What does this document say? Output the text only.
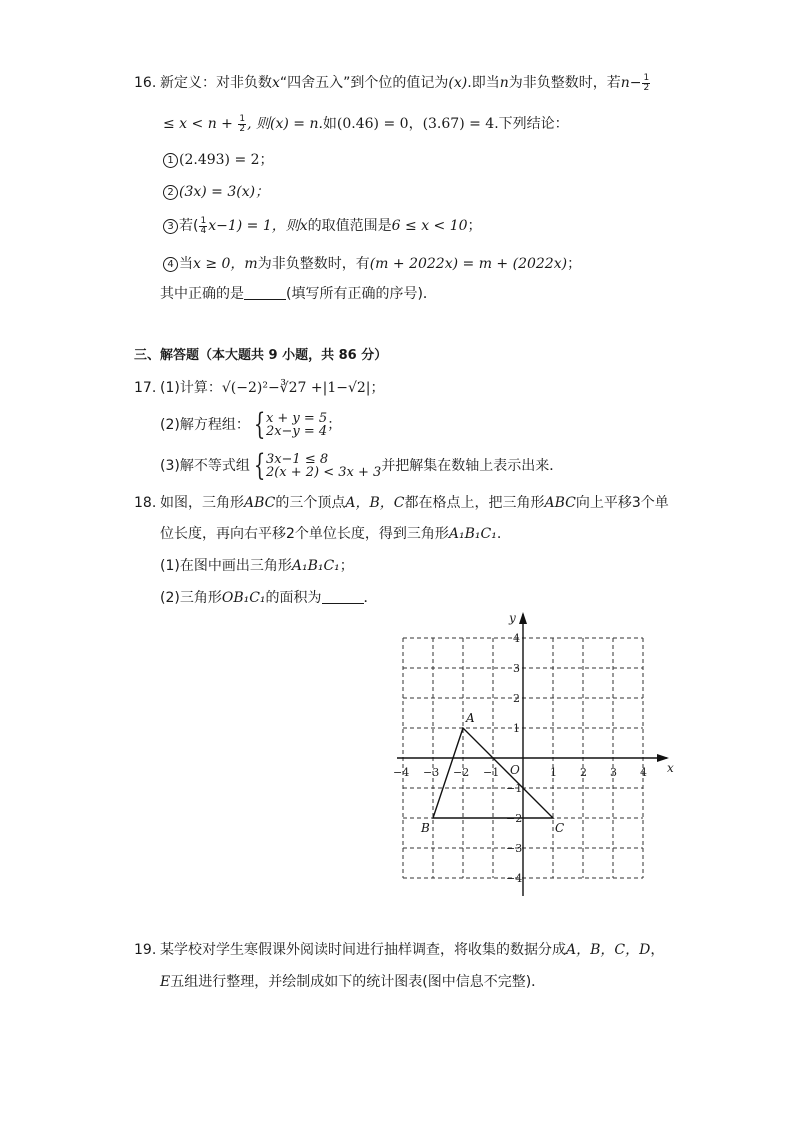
16. 新定义：对非负数x“四舍五入”到个位的值记为(x).即当n为非负整数时，若$n- \frac{1}{2}$
≤ $x < n + \frac{1}{2}$ , 则(x) = n.如(0.46) = 0，(3.67) = 4.下列结论：
1 (2.493) = 2；
2 (3x) = 3(x)；
3 若( $\frac{1}{4} x-1) = 1$，则x的取值范围是6 ≤ x < 10；
4 当x ≥ 0，m为非负整数时，有(m + 2022x) = m + (2022x)；
其中正确的是	(填写所有正确的序号)．
三、解答题（本大题共 9 小题，共 86 分）
17. (1)计算：√(−2)²−∛27 +|1−√2|；
(2)解方程组： { x + y = 5
2x−y = 4 ；
(3)解不等式组 { 3x−1 ≤ 8
2(x + 2) < 3x + 3 并把解集在数轴上表示出来．
18. 如图，三角形ABC的三个顶点A，B，C都在格点上，把三角形ABC向上平移3个单
位长度，再向右平移2个单位长度，得到三角形A₁B₁C₁.
(1)在图中画出三角形A₁B₁C₁；
(2)三角形OB₁C₁的面积为	．
−4 −3 −2 −1	1 2 3 4
4
3
2
1
−1
−2
−3
−4
x
y
O
A
B	C
19. 某学校对学生寒假课外阅读时间进行抽样调查，将收集的数据分成A，B，C，D，
E五组进行整理，并绘制成如下的统计图表(图中信息不完整)．
